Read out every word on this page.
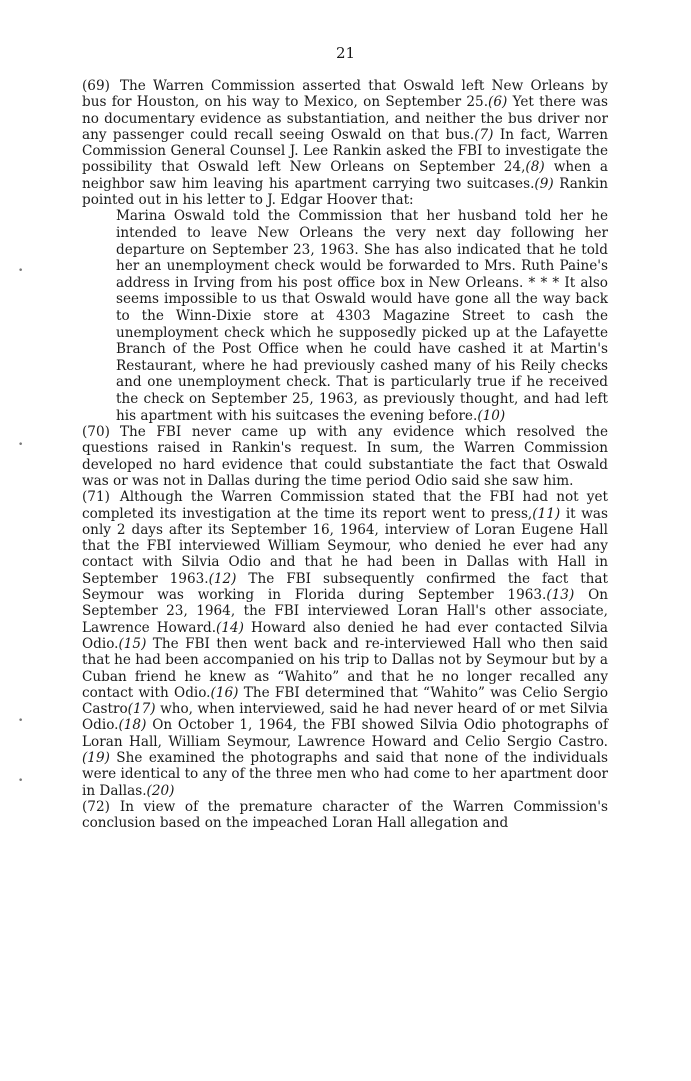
21

(69) The Warren Commission asserted that Oswald left New Orleans by bus for Houston, on his way to Mexico, on September 25.(6) Yet there was no documentary evidence as substantiation, and neither the bus driver nor any passenger could recall seeing Oswald on that bus.(7) In fact, Warren Commission General Counsel J. Lee Rankin asked the FBI to investigate the possibility that Oswald left New Orleans on September 24,(8) when a neighbor saw him leaving his apartment carrying two suitcases.(9) Rankin pointed out in his letter to J. Edgar Hoover that:

Marina Oswald told the Commission that her husband told her he intended to leave New Orleans the very next day following her departure on September 23, 1963. She has also indicated that he told her an unemployment check would be forwarded to Mrs. Ruth Paine's address in Irving from his post office box in New Orleans. * * * It also seems impossible to us that Oswald would have gone all the way back to the Winn-Dixie store at 4303 Magazine Street to cash the unemployment check which he supposedly picked up at the Lafayette Branch of the Post Office when he could have cashed it at Martin's Restaurant, where he had previously cashed many of his Reily checks and one unemployment check. That is particularly true if he received the check on September 25, 1963, as previously thought, and had left his apartment with his suitcases the evening before.(10)

(70) The FBI never came up with any evidence which resolved the questions raised in Rankin's request. In sum, the Warren Commission developed no hard evidence that could substantiate the fact that Oswald was or was not in Dallas during the time period Odio said she saw him.

(71) Although the Warren Commission stated that the FBI had not yet completed its investigation at the time its report went to press,(11) it was only 2 days after its September 16, 1964, interview of Loran Eugene Hall that the FBI interviewed William Seymour, who denied he ever had any contact with Silvia Odio and that he had been in Dallas with Hall in September 1963.(12) The FBI subsequently confirmed the fact that Seymour was working in Florida during September 1963.(13) On September 23, 1964, the FBI interviewed Loran Hall's other associate, Lawrence Howard.(14) Howard also denied he had ever contacted Silvia Odio.(15) The FBI then went back and re-interviewed Hall who then said that he had been accompanied on his trip to Dallas not by Seymour but by a Cuban friend he knew as “Wahito” and that he no longer recalled any contact with Odio.(16) The FBI determined that “Wahito” was Celio Sergio Castro(17) who, when interviewed, said he had never heard of or met Silvia Odio.(18) On October 1, 1964, the FBI showed Silvia Odio photographs of Loran Hall, William Seymour, Lawrence Howard and Celio Sergio Castro.(19) She examined the photographs and said that none of the individuals were identical to any of the three men who had come to her apartment door in Dallas.(20)

(72) In view of the premature character of the Warren Commission's conclusion based on the impeached Loran Hall allegation and

•
•
•
•
